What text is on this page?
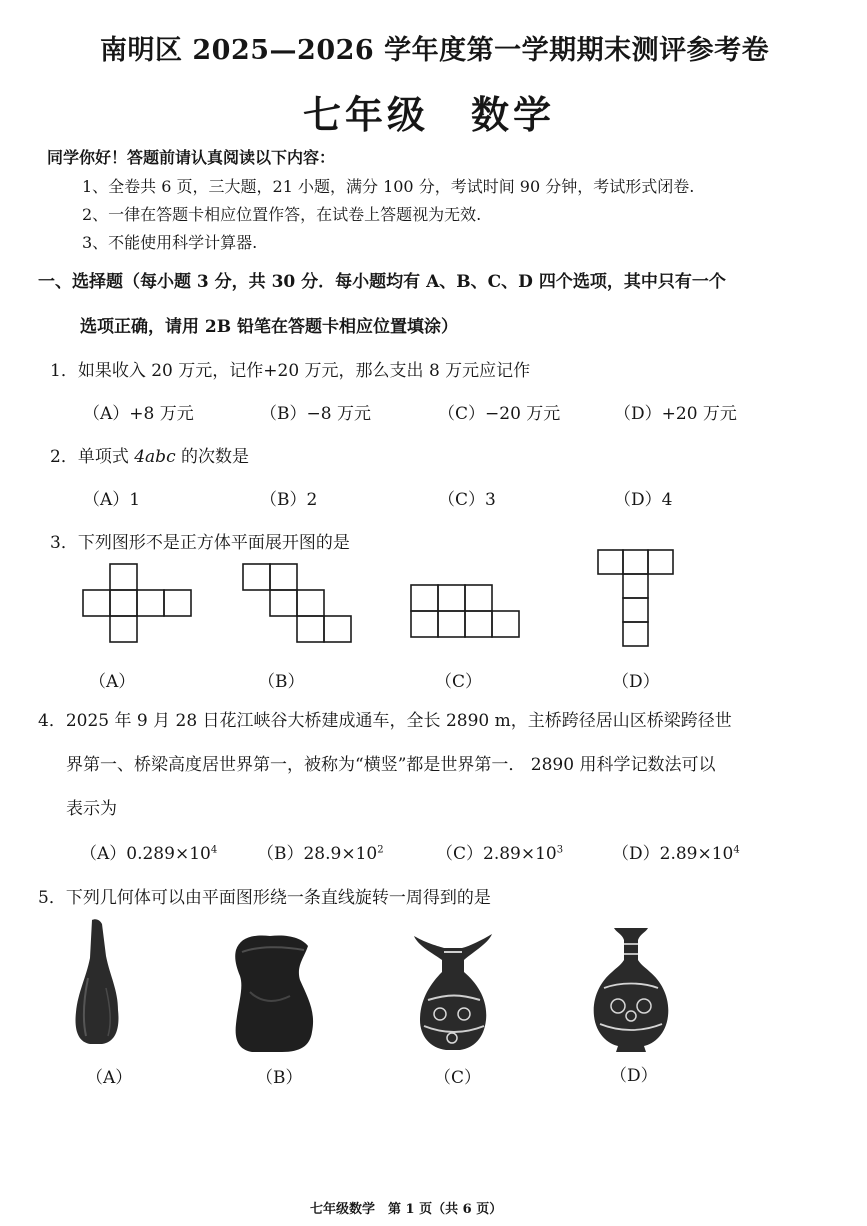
南明区 2025—2026 学年度第一学期期末测评参考卷
七年级　数学
同学你好！答题前请认真阅读以下内容：
1、全卷共 6 页，三大题，21 小题，满分 100 分，考试时间 90 分钟，考试形式闭卷.
2、一律在答题卡相应位置作答，在试卷上答题视为无效.
3、不能使用科学计算器.
一、选择题（每小题 3 分，共 30 分．每小题均有 A、B、C、D 四个选项，其中只有一个
选项正确，请用 2B 铅笔在答题卡相应位置填涂）
1．如果收入 20 万元，记作+20 万元，那么支出 8 万元应记作
（A）+8 万元	（B）−8 万元	（C）−20 万元	（D）+20 万元
2．单项式 4abc 的次数是
（A）1	（B）2	（C）3	（D）4
3．下列图形不是正方体平面展开图的是
（A）	（B）	（C）	（D）
4．2025 年 9 月 28 日花江峡谷大桥建成通车，全长 2890 m，主桥跨径居山区桥梁跨径世
界第一、桥梁高度居世界第一，被称为“横竖”都是世界第一． 2890 用科学记数法可以
表示为
$(A)0.289\times 10^4$ $(B)28.9\times 10^2$	$(C)2.89\times 10^3$	$(D)2.89\times 10^4$
5．下列几何体可以由平面图形绕一条直线旋转一周得到的是
（A）	（B）	（C）	（D）
七年级数学　第 1 页（共 6 页）
